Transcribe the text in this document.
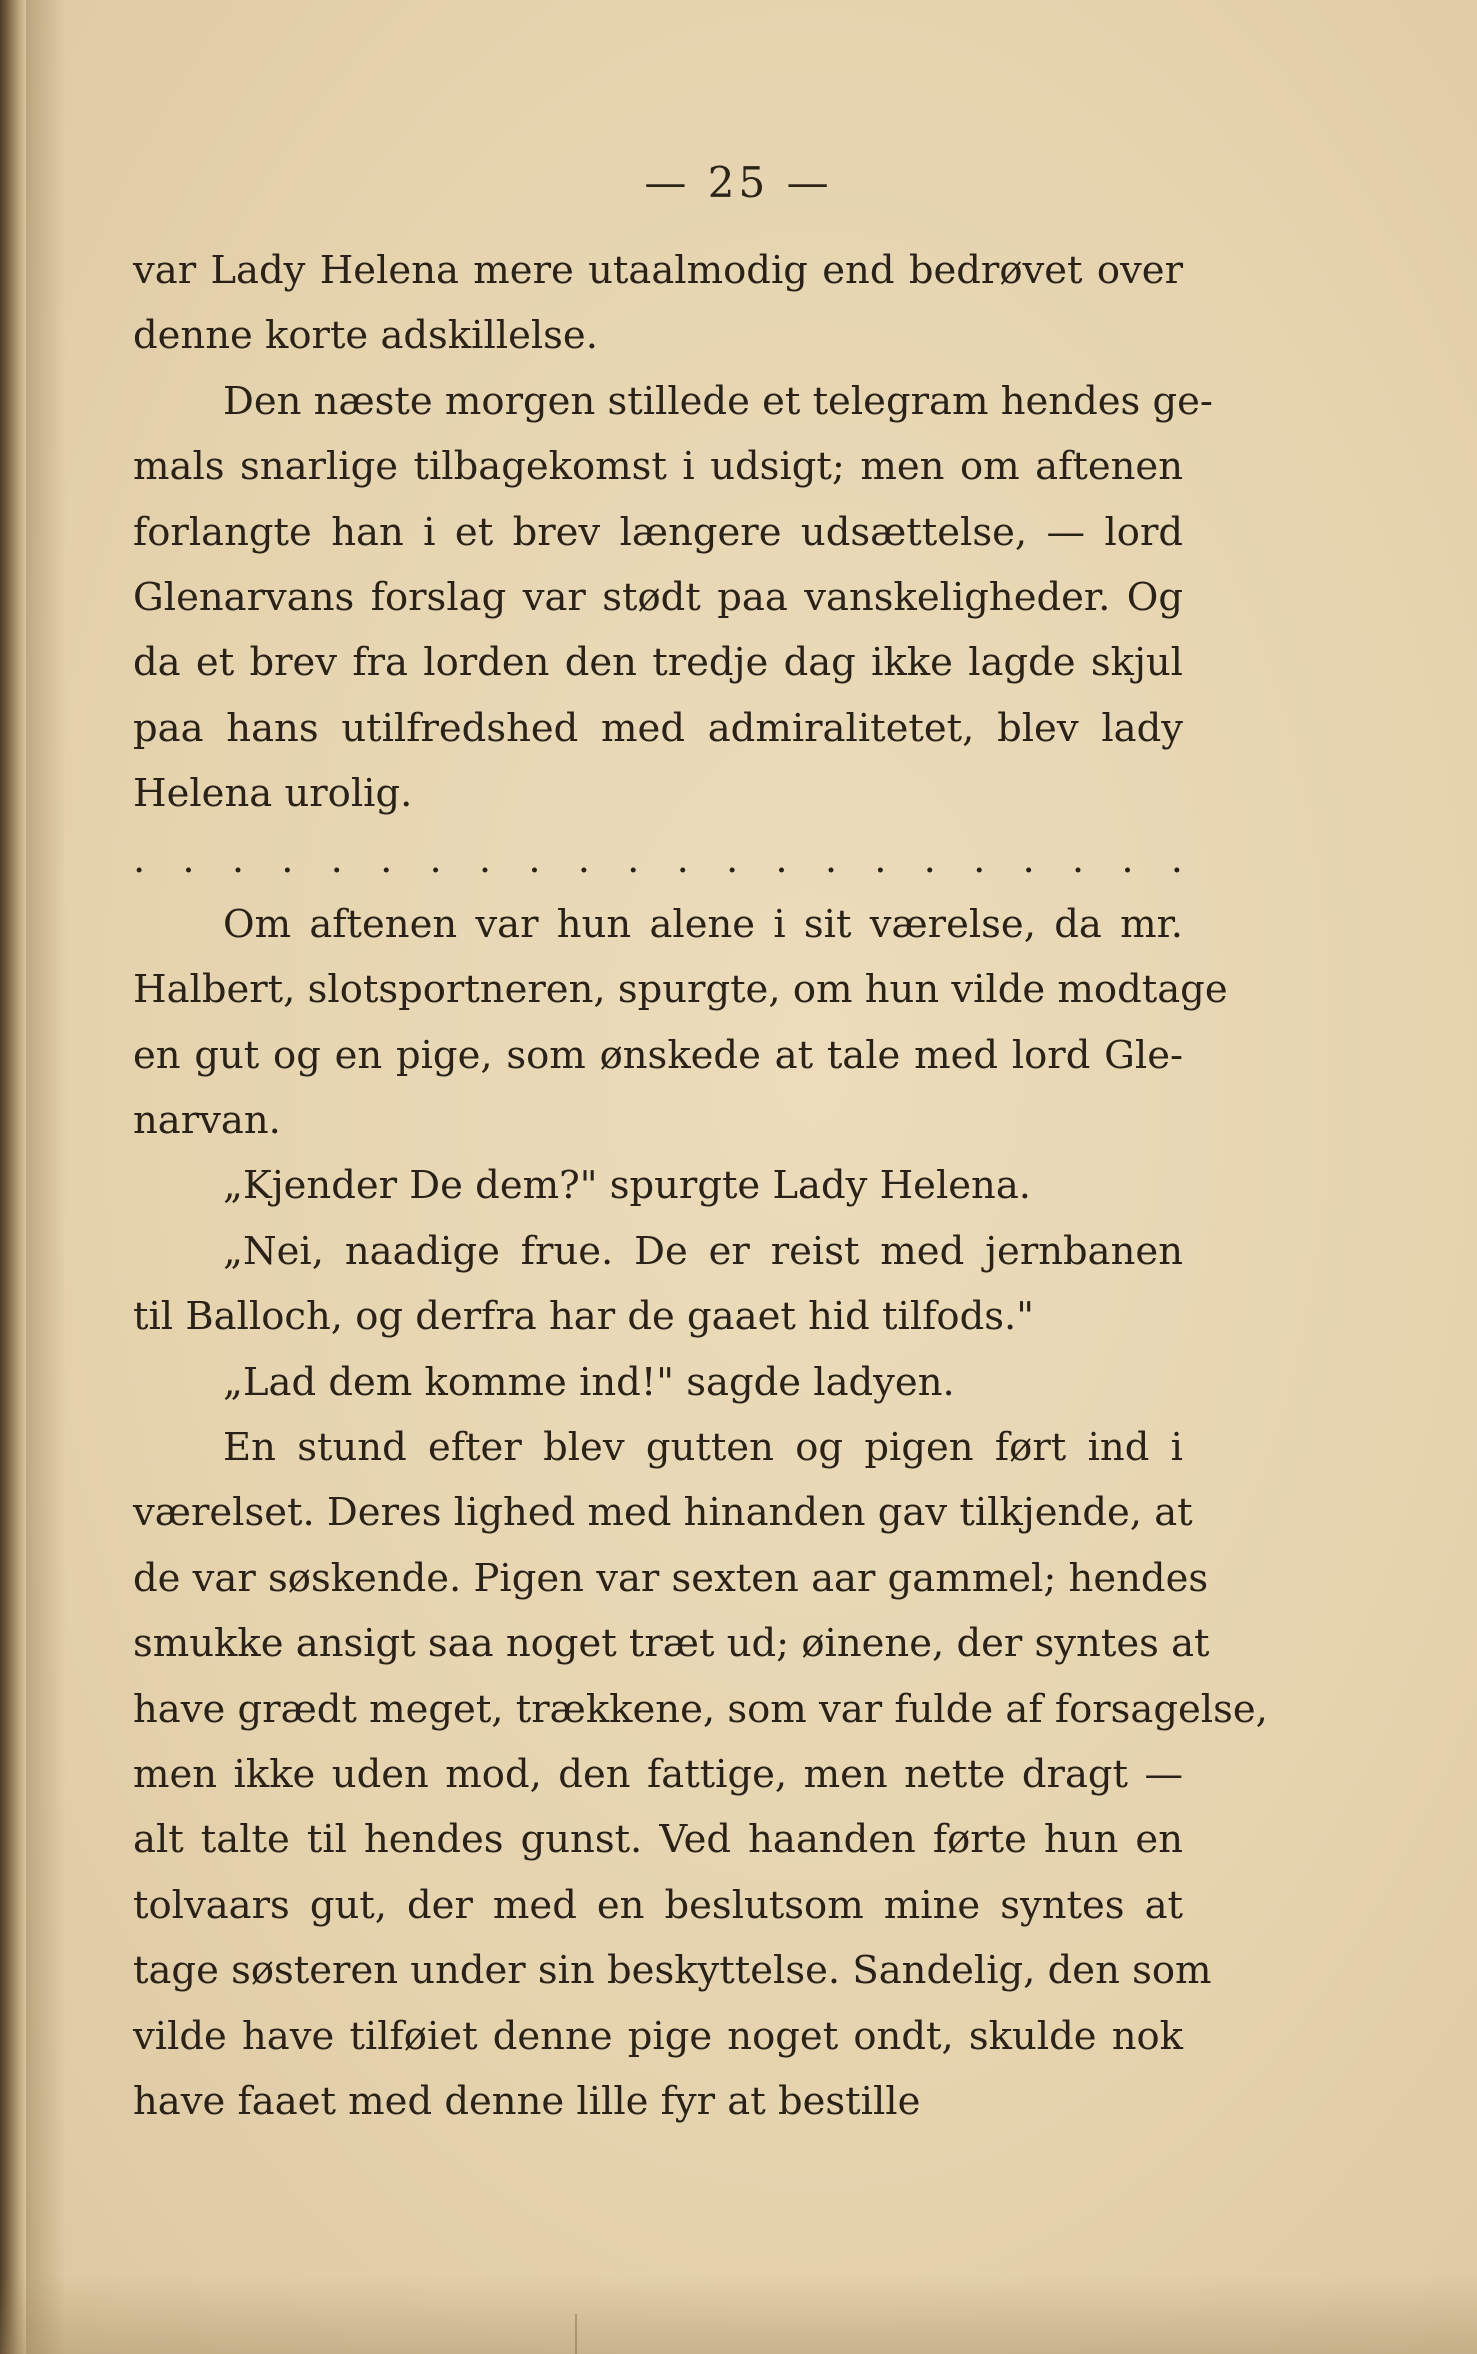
— 25 —
var Lady Helena mere utaalmodig end bedrøvet over
denne korte adskillelse.
Den næste morgen stillede et telegram hendes ge-
mals snarlige tilbagekomst i udsigt; men om aftenen
forlangte han i et brev længere udsættelse, — lord
Glenarvans forslag var stødt paa vanskeligheder. Og
da et brev fra lorden den tredje dag ikke lagde skjul
paa hans utilfredshed med admiralitetet, blev lady
Helena urolig.
. . . . . . . . . . . . . . . . . . . . . .
Om aftenen var hun alene i sit værelse, da mr.
Halbert, slotsportneren, spurgte, om hun vilde modtage
en gut og en pige, som ønskede at tale med lord Gle-
narvan.
„Kjender De dem?" spurgte Lady Helena.
„Nei, naadige frue. De er reist med jernbanen
til Balloch, og derfra har de gaaet hid tilfods."
„Lad dem komme ind!" sagde ladyen.
En stund efter blev gutten og pigen ført ind i
værelset. Deres lighed med hinanden gav tilkjende, at
de var søskende. Pigen var sexten aar gammel; hendes
smukke ansigt saa noget træt ud; øinene, der syntes at
have grædt meget, trækkene, som var fulde af forsagelse,
men ikke uden mod, den fattige, men nette dragt —
alt talte til hendes gunst. Ved haanden førte hun en
tolvaars gut, der med en beslutsom mine syntes at
tage søsteren under sin beskyttelse. Sandelig, den som
vilde have tilføiet denne pige noget ondt, skulde nok
have faaet med denne lille fyr at bestille
